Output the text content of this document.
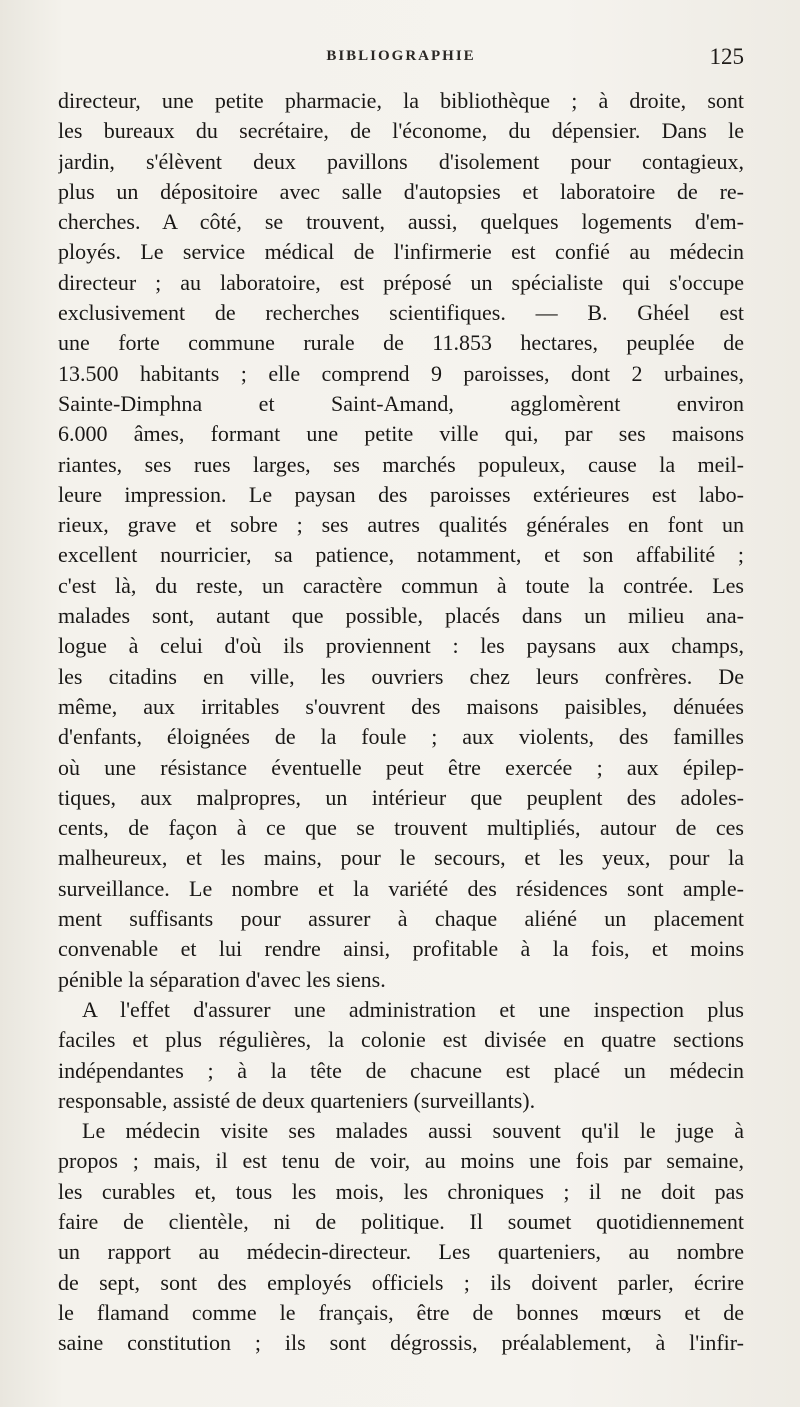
BIBLIOGRAPHIE	125
directeur, une petite pharmacie, la bibliothèque ; à droite, sont
les bureaux du secrétaire, de l'économe, du dépensier. Dans le
jardin, s'élèvent deux pavillons d'isolement pour contagieux,
plus un dépositoire avec salle d'autopsies et laboratoire de re-
cherches. A côté, se trouvent, aussi, quelques logements d'em-
ployés. Le service médical de l'infirmerie est confié au médecin
directeur ; au laboratoire, est préposé un spécialiste qui s'occupe
exclusivement de recherches scientifiques. — B. Ghéel est
une forte commune rurale de 11.853 hectares, peuplée de
13.500 habitants ; elle comprend 9 paroisses, dont 2 urbaines,
Sainte-Dimphna et Saint-Amand, agglomèrent environ
6.000 âmes, formant une petite ville qui, par ses maisons
riantes, ses rues larges, ses marchés populeux, cause la meil-
leure impression. Le paysan des paroisses extérieures est labo-
rieux, grave et sobre ; ses autres qualités générales en font un
excellent nourricier, sa patience, notamment, et son affabilité ;
c'est là, du reste, un caractère commun à toute la contrée. Les
malades sont, autant que possible, placés dans un milieu ana-
logue à celui d'où ils proviennent : les paysans aux champs,
les citadins en ville, les ouvriers chez leurs confrères. De
même, aux irritables s'ouvrent des maisons paisibles, dénuées
d'enfants, éloignées de la foule ; aux violents, des familles
où une résistance éventuelle peut être exercée ; aux épilep-
tiques, aux malpropres, un intérieur que peuplent des adoles-
cents, de façon à ce que se trouvent multipliés, autour de ces
malheureux, et les mains, pour le secours, et les yeux, pour la
surveillance. Le nombre et la variété des résidences sont ample-
ment suffisants pour assurer à chaque aliéné un placement
convenable et lui rendre ainsi, profitable à la fois, et moins
pénible la séparation d'avec les siens.
A l'effet d'assurer une administration et une inspection plus
faciles et plus régulières, la colonie est divisée en quatre sections
indépendantes ; à la tête de chacune est placé un médecin
responsable, assisté de deux quarteniers (surveillants).
Le médecin visite ses malades aussi souvent qu'il le juge à
propos ; mais, il est tenu de voir, au moins une fois par semaine,
les curables et, tous les mois, les chroniques ; il ne doit pas
faire de clientèle, ni de politique. Il soumet quotidiennement
un rapport au médecin-directeur. Les quarteniers, au nombre
de sept, sont des employés officiels ; ils doivent parler, écrire
le flamand comme le français, être de bonnes mœurs et de
saine constitution ; ils sont dégrossis, préalablement, à l'infir-
